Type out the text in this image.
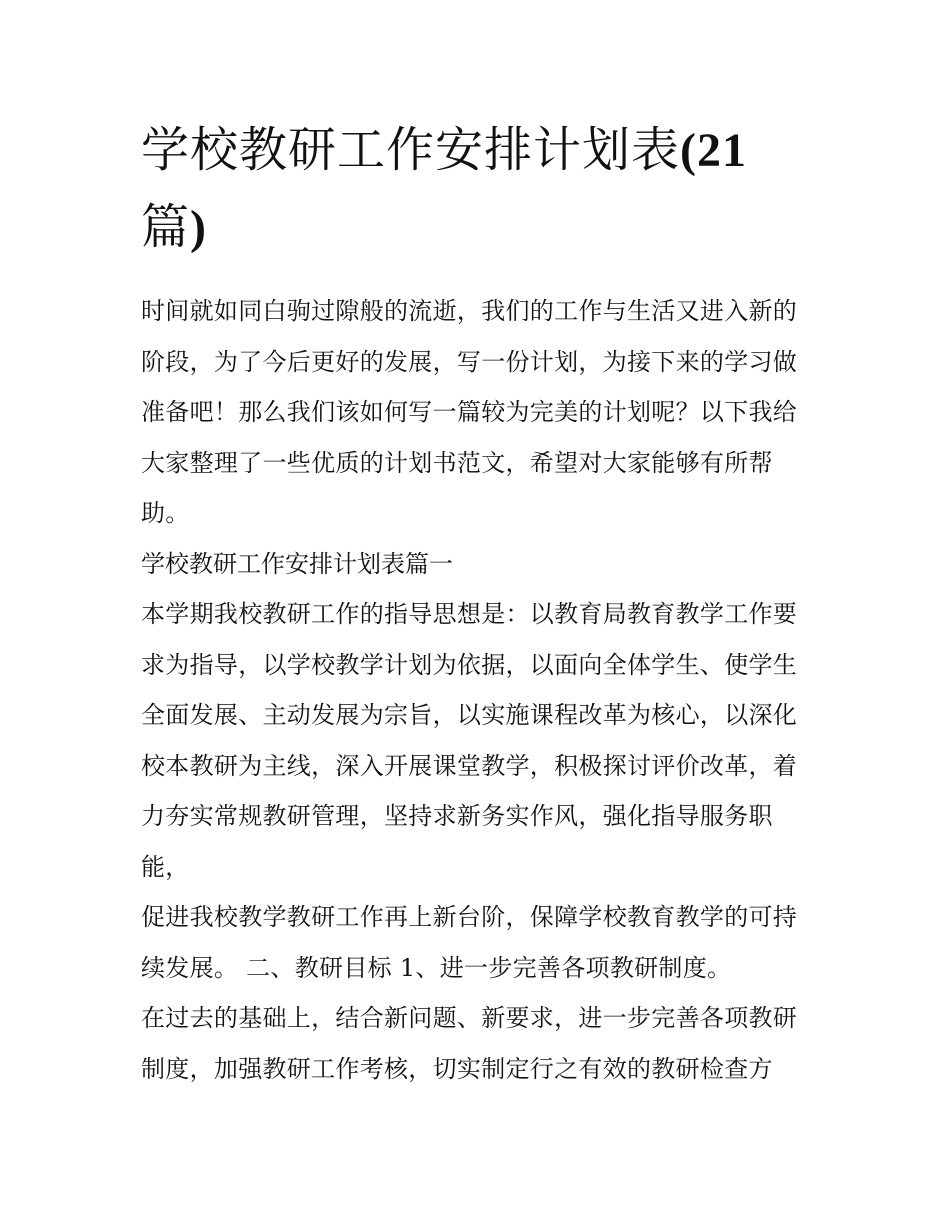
学校教研工作安排计划表(21
篇)

时间就如同白驹过隙般的流逝，我们的工作与生活又进入新的阶段，为了今后更好的发展，写一份计划，为接下来的学习做准备吧！那么我们该如何写一篇较为完美的计划呢？以下我给大家整理了一些优质的计划书范文，希望对大家能够有所帮助。

学校教研工作安排计划表篇一

本学期我校教研工作的指导思想是：以教育局教育教学工作要求为指导，以学校教学计划为依据，以面向全体学生、使学生全面发展、主动发展为宗旨，以实施课程改革为核心，以深化校本教研为主线，深入开展课堂教学，积极探讨评价改革，着力夯实常规教研管理，坚持求新务实作风，强化指导服务职能，

促进我校教学教研工作再上新台阶，保障学校教育教学的可持续发展。 二、教研目标 1、进一步完善各项教研制度。

在过去的基础上，结合新问题、新要求，进一步完善各项教研制度，加强教研工作考核，切实制定行之有效的教研检查方
